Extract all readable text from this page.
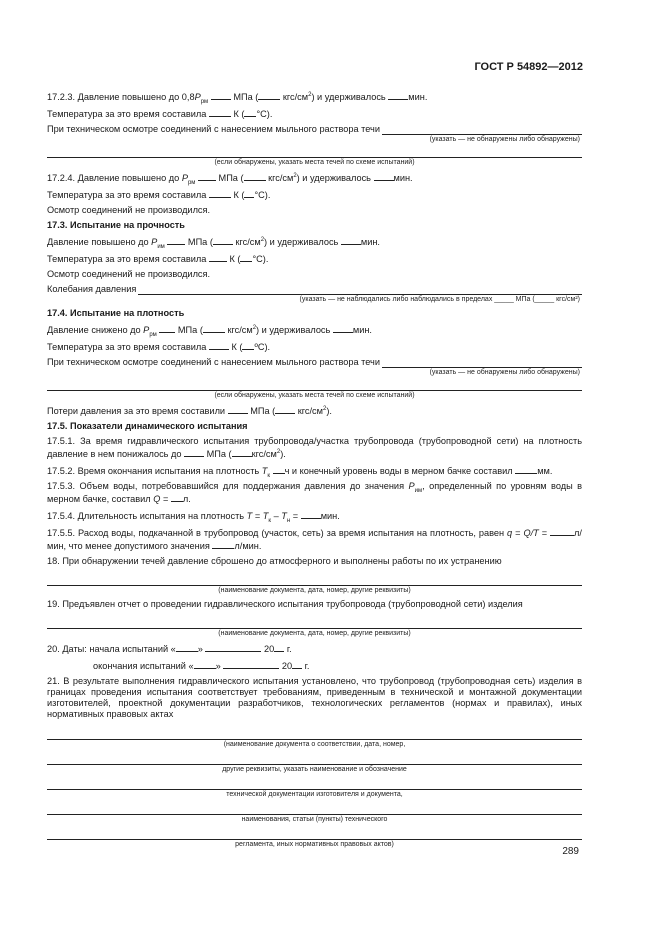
ГОСТ Р 54892—2012
17.2.3. Давление повышено до $0,8Р_{рм}$	МПа (	кгс/$см^2$) и удерживалось мин.
Температура за это время составила	К ( °С).
При техническом осмотре соединений с нанесением мыльного раствора течи
(указать — не обнаружены либо обнаружены)
(если обнаружены, указать места течей по схеме испытаний)
17.2.4. Давление повышено до $Р_{рм}$	МПа (	кгс/$см^2$) и удерживалось мин.
Температура за это время составила	К ( °С).
Осмотр соединений не производился.
17.3. Испытание на прочность
Давление повышено до $Р_{им}$	МПа ( кгс/$см^2$) и удерживалось мин.
Температура за это время составила	К ( °С).
Осмотр соединений не производился.
Колебания давления
(указать — не наблюдались либо наблюдались в пределах _____ МПа (_____ кгс/см²)
17.4. Испытание на плотность
Давление снижено до $Р_{рм}$ МПа (	кгс/$см^2$) и удерживалось мин.
Температура за это время составила	К ( ºС).
При техническом осмотре соединений с нанесением мыльного раствора течи
(указать — не обнаружены либо обнаружены)
(если обнаружены, указать места течей по схеме испытаний)
Потери давления за это время составили	МПа ( кгс/$см^2$).
17.5. Показатели динамического испытания
17.5.1. За время гидравлического испытания трубопровода/участка трубопровода (трубопроводной сети) на плотность давление в нем понижалось до	МПа ( кгс/$см^2$).
17.5.2. Время окончания испытания на плотность $Т_к$ ч и конечный уровень воды в мерном бачке составил	мм.
17.5.3. Объем воды, потребовавшийся для поддержания давления до значения $Р_{им}$, определенный по уровням воды в мерном бачке, составил Q = л.
17.5.4. Длительность испытания на плотность $Т = Т_к - Т_н$ = мин.
17.5.5. Расход воды, подкачанной в трубопровод (участок, сеть) за время испытания на плотность, равен q = Q/T =	л/мин, что менее допустимого значения	л/мин.
18. При обнаружении течей давление сброшено до атмосферного и выполнены работы по их устранению
(наименование документа, дата, номер, другие реквизиты)
19. Предъявлен отчет о проведении гидравлического испытания трубопровода (трубопроводной сети) изделия
(наименование документа, дата, номер, другие реквизиты)
20. Даты: начала испытаний « »	20 г.
окончания испытаний « »	20 г.
21. В результате выполнения гидравлического испытания установлено, что трубопровод (трубопроводная сеть) изделия в границах проведения испытания соответствует требованиям, приведенным в технической и монтажной документации изготовителей, проектной документации разработчиков, технологических регламентов (нормах и правилах), иных нормативных правовых актах
(наименование документа о соответствии, дата, номер,
другие реквизиты, указать наименование и обозначение
технической документации изготовителя и документа,
наименования, статьи (пункты) технического
регламента, иных нормативных правовых актов)
289
